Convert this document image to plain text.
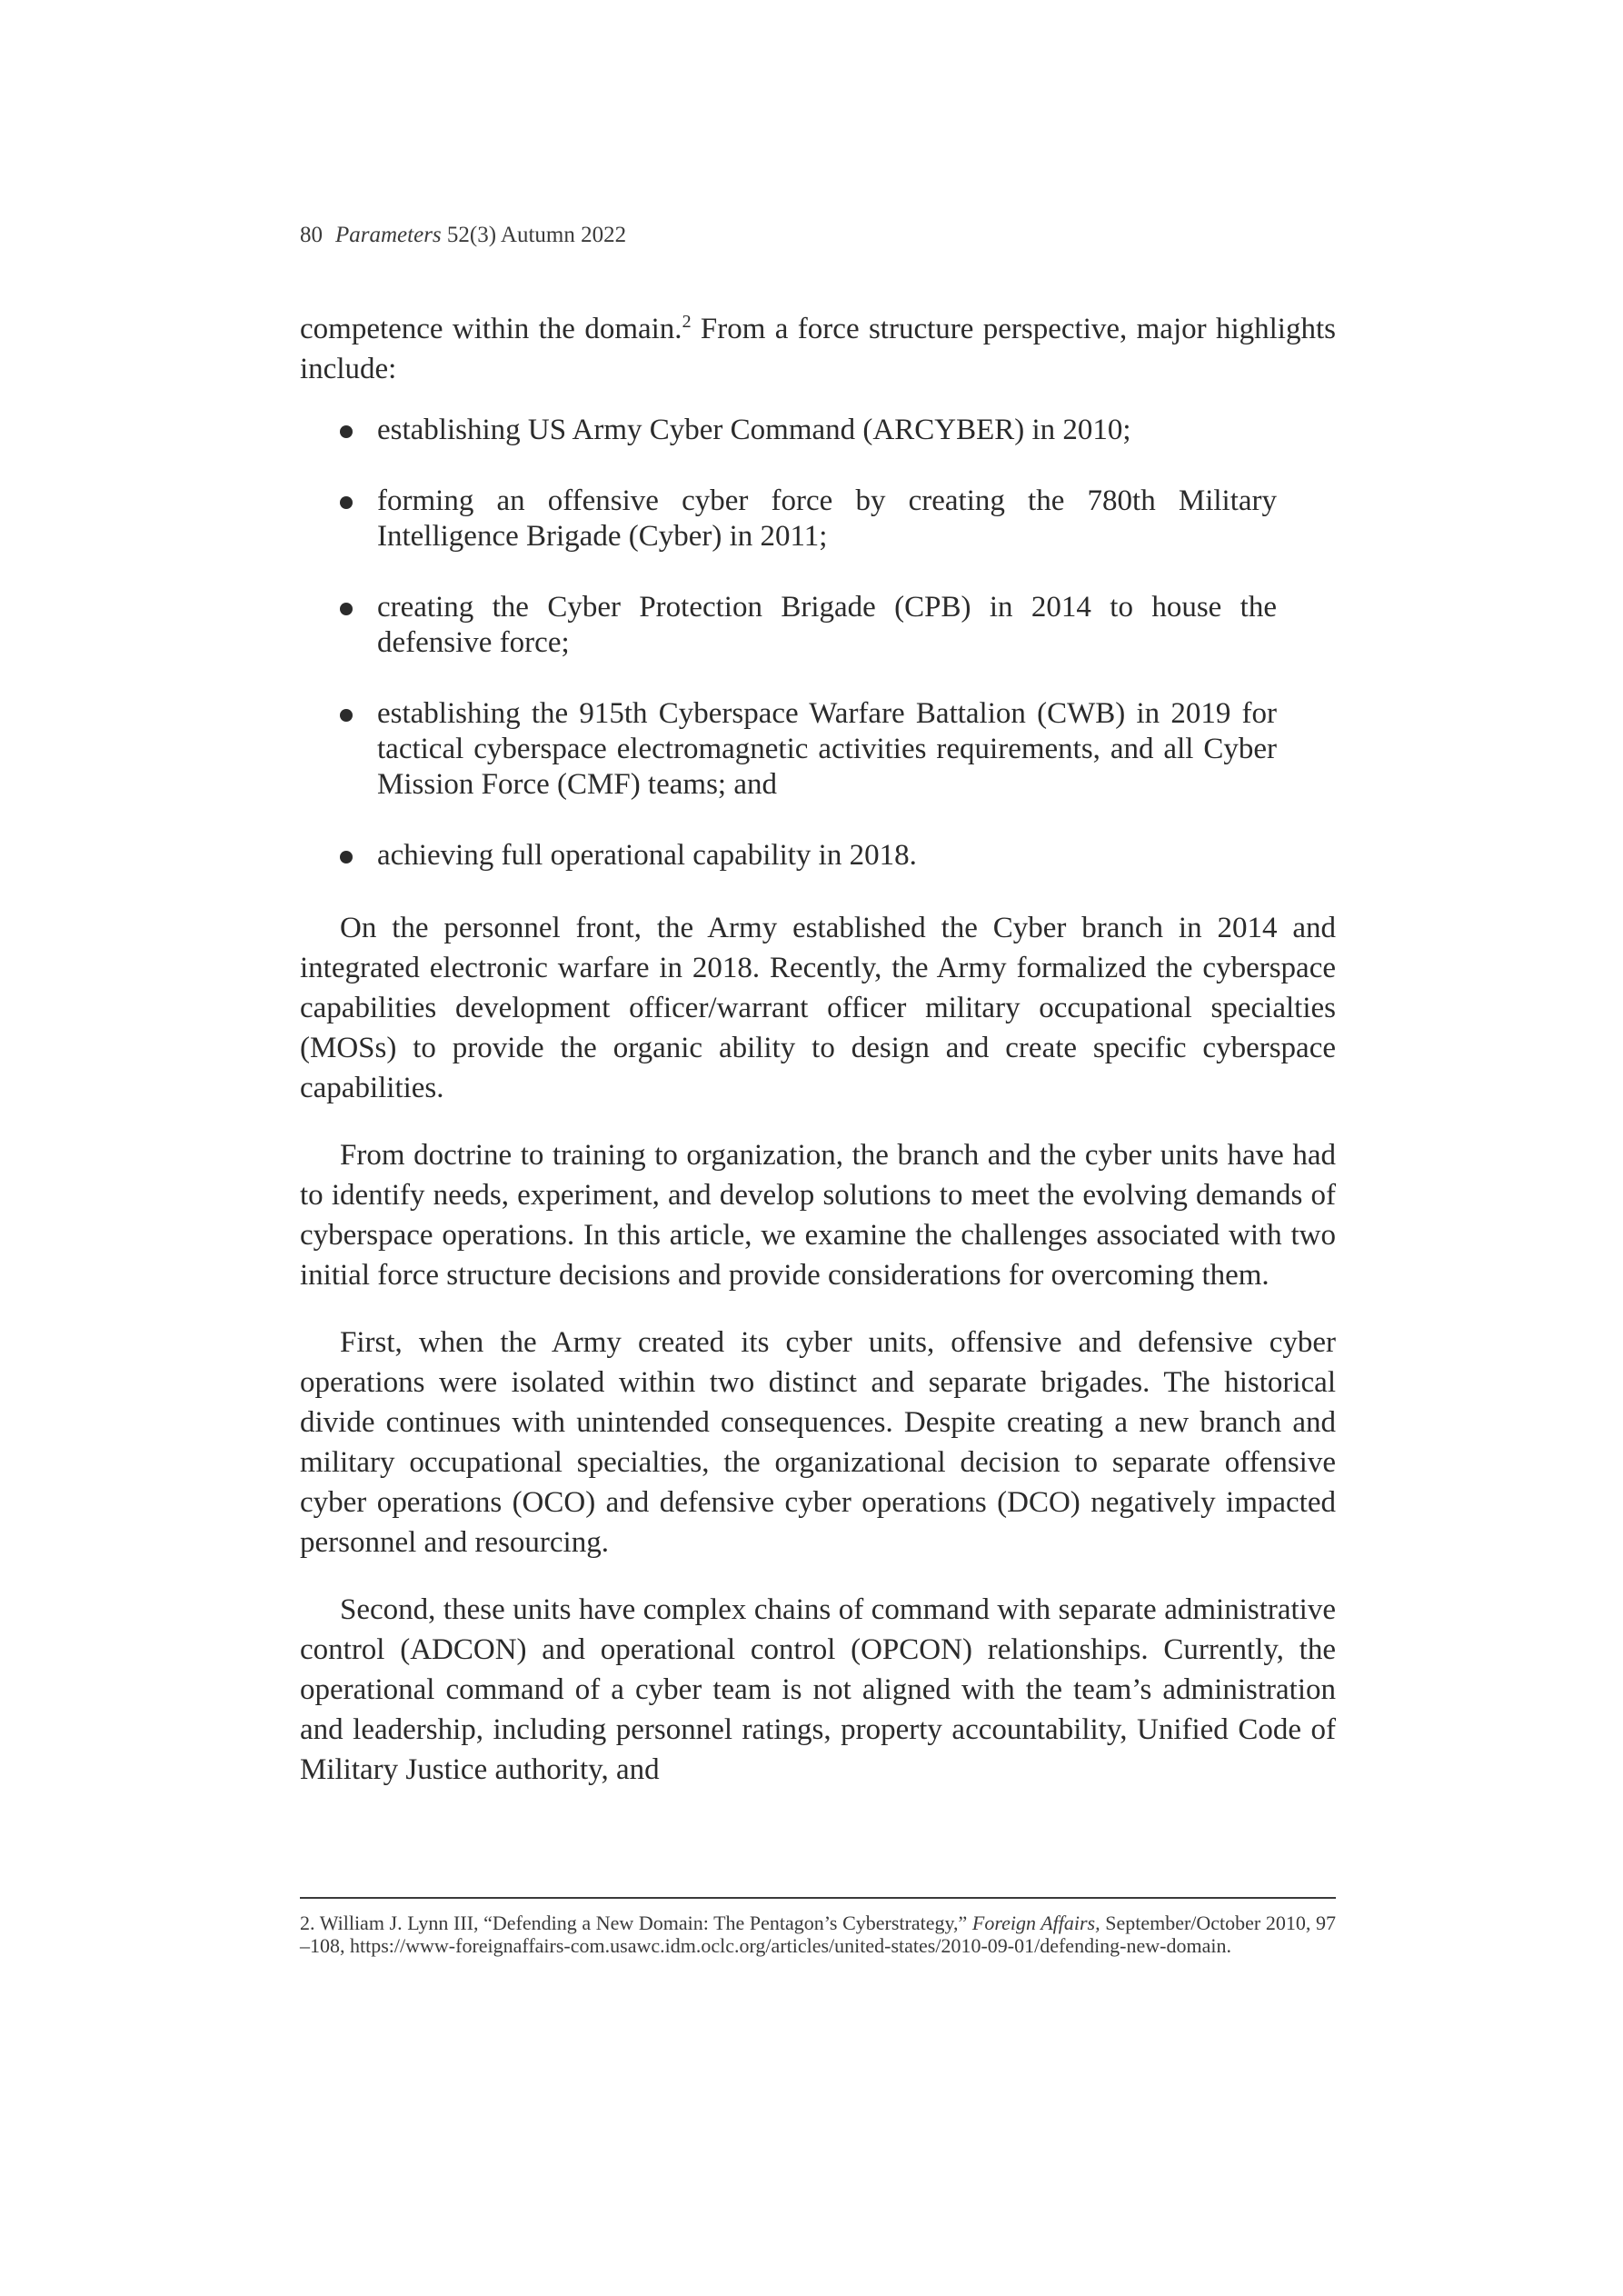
80 Parameters 52(3) Autumn 2022

competence within the domain.$^2$ From a force structure perspective, major highlights include:

establishing US Army Cyber Command (ARCYBER) in 2010;
forming an offensive cyber force by creating the 780th Military Intelligence Brigade (Cyber) in 2011;
creating the Cyber Protection Brigade (CPB) in 2014 to house the defensive force;
establishing the 915th Cyberspace Warfare Battalion (CWB) in 2019 for tactical cyberspace electromagnetic activities requirements, and all Cyber Mission Force (CMF) teams; and
achieving full operational capability in 2018.

On the personnel front, the Army established the Cyber branch in 2014 and integrated electronic warfare in 2018. Recently, the Army formalized the cyberspace capabilities development officer/warrant officer military occupational specialties (MOSs) to provide the organic ability to design and create specific cyberspace capabilities.

From doctrine to training to organization, the branch and the cyber units have had to identify needs, experiment, and develop solutions to meet the evolving demands of cyberspace operations. In this article, we examine the challenges associated with two initial force structure decisions and provide considerations for overcoming them.

First, when the Army created its cyber units, offensive and defensive cyber operations were isolated within two distinct and separate brigades. The historical divide continues with unintended consequences. Despite creating a new branch and military occupational specialties, the organizational decision to separate offensive cyber operations (OCO) and defensive cyber operations (DCO) negatively impacted personnel and resourcing.

Second, these units have complex chains of command with separate administrative control (ADCON) and operational control (OPCON) relationships. Currently, the operational command of a cyber team is not aligned with the team’s administration and leadership, including personnel ratings, property accountability, Unified Code of Military Justice authority, and

2. William J. Lynn III, “Defending a New Domain: The Pentagon’s Cyberstrategy,” Foreign Affairs, September/October 2010, 97–108, https://www-foreignaffairs-com.usawc.idm.oclc.org/articles/united-states/2010-09-01/defending-new-domain.
